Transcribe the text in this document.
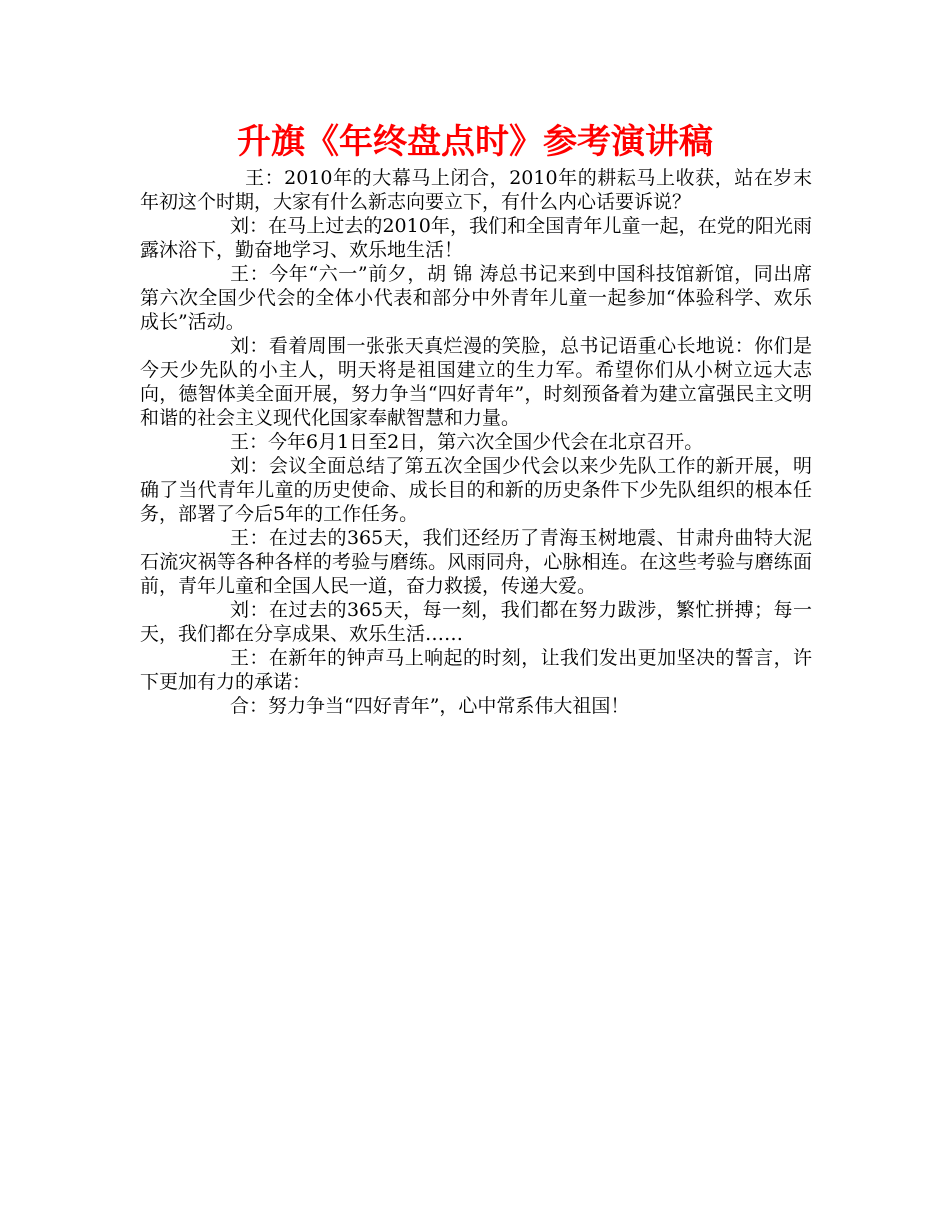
升旗《年终盘点时》参考演讲稿

王：2010年的大幕马上闭合，2010年的耕耘马上收获，站在岁末年初这个时期，大家有什么新志向要立下，有什么内心话要诉说？

刘：在马上过去的2010年，我们和全国青年儿童一起，在党的阳光雨露沐浴下，勤奋地学习、欢乐地生活！

王：今年“六一”前夕，胡 锦 涛总书记来到中国科技馆新馆，同出席第六次全国少代会的全体小代表和部分中外青年儿童一起参加“体验科学、欢乐成长”活动。

刘：看着周围一张张天真烂漫的笑脸，总书记语重心长地说：你们是今天少先队的小主人，明天将是祖国建立的生力军。希望你们从小树立远大志向，德智体美全面开展，努力争当“四好青年”，时刻预备着为建立富强民主文明和谐的社会主义现代化国家奉献智慧和力量。

王：今年6月1日至2日，第六次全国少代会在北京召开。

刘：会议全面总结了第五次全国少代会以来少先队工作的新开展，明确了当代青年儿童的历史使命、成长目的和新的历史条件下少先队组织的根本任务，部署了今后5年的工作任务。

王：在过去的365天，我们还经历了青海玉树地震、甘肃舟曲特大泥石流灾祸等各种各样的考验与磨练。风雨同舟，心脉相连。在这些考验与磨练面前，青年儿童和全国人民一道，奋力救援，传递大爱。

刘：在过去的365天，每一刻，我们都在努力跋涉，繁忙拼搏；每一天，我们都在分享成果、欢乐生活……

王：在新年的钟声马上响起的时刻，让我们发出更加坚决的誓言，许下更加有力的承诺：

合：努力争当“四好青年”，心中常系伟大祖国！
